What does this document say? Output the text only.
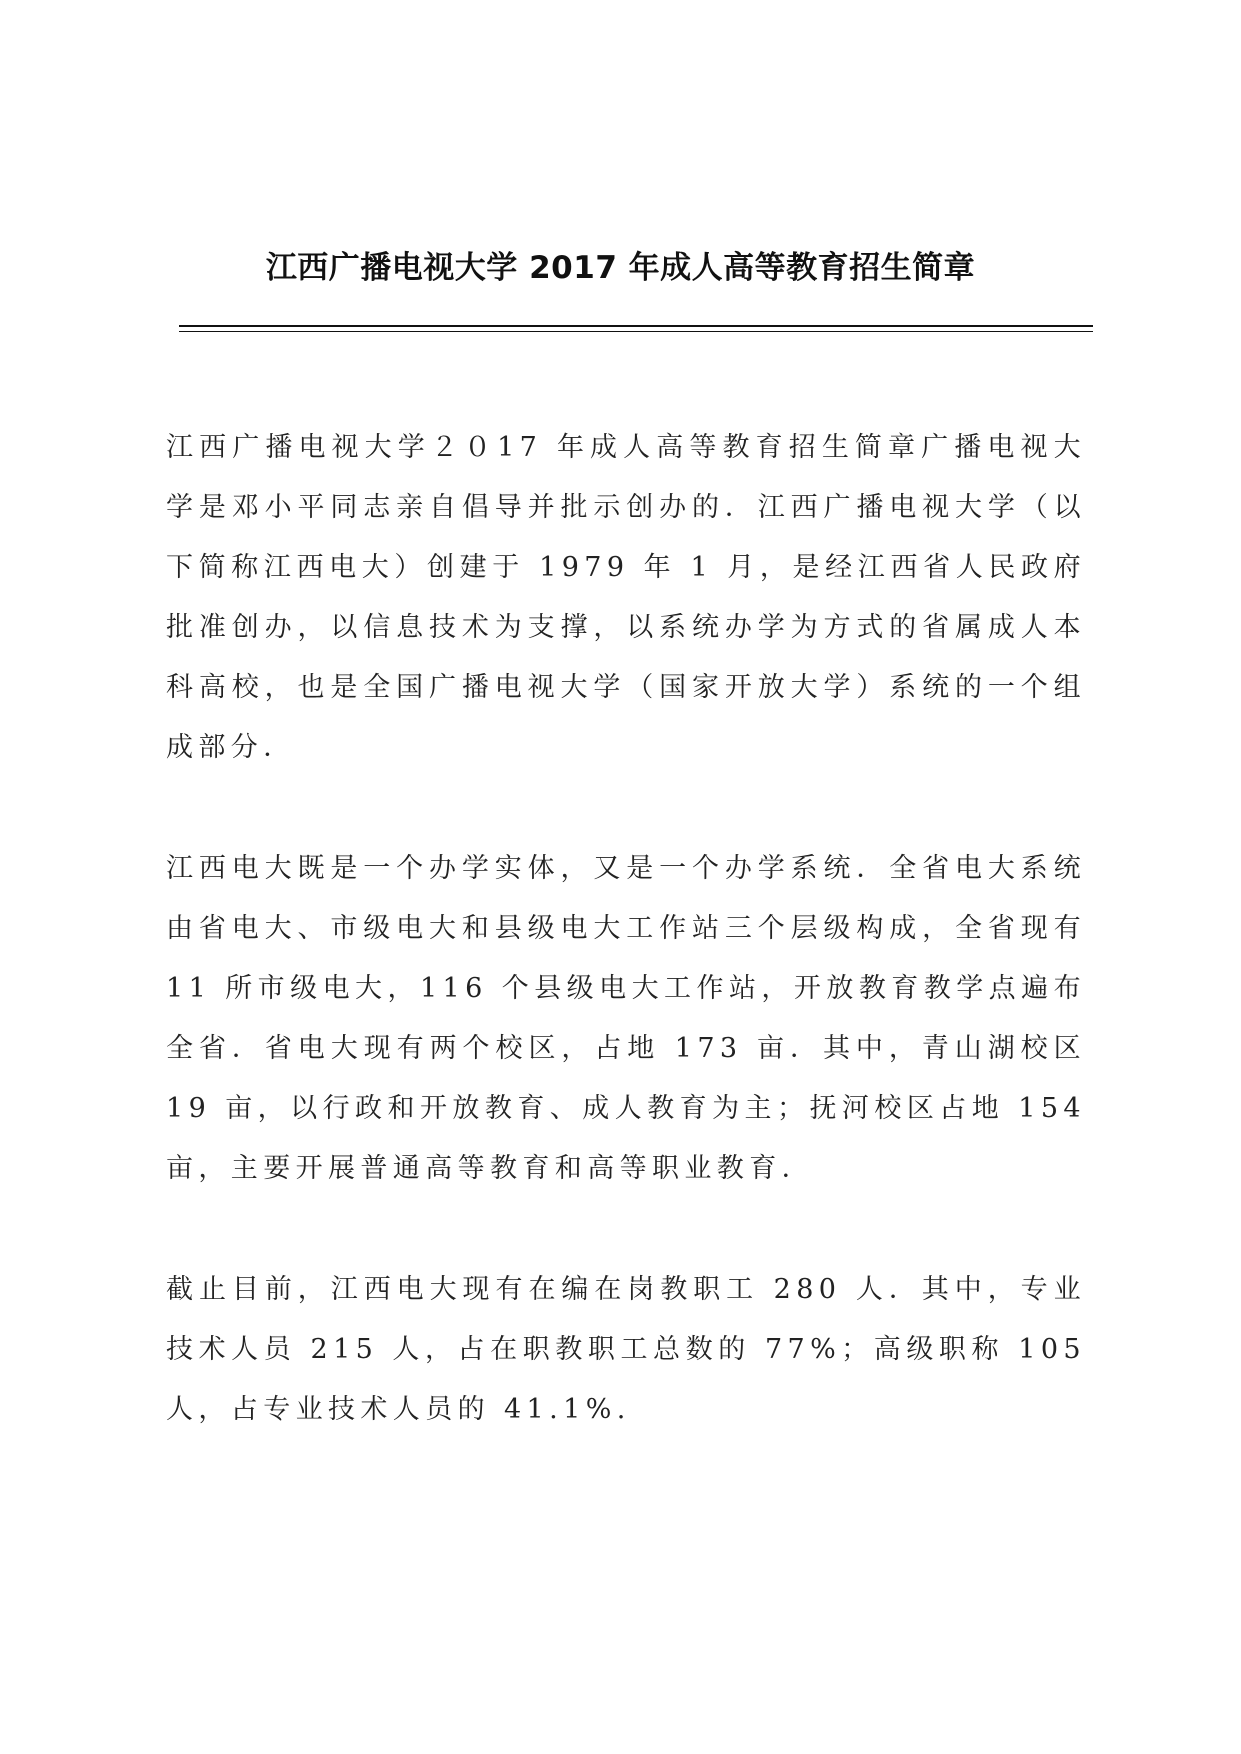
江西广播电视大学 2017 年成人高等教育招生简章

江西广播电视大学２０17 年成人高等教育招生简章广播电视大学是邓小平同志亲自倡导并批示创办的．江西广播电视大学（以下简称江西电大）创建于 1979 年 1 月，是经江西省人民政府批准创办，以信息技术为支撑，以系统办学为方式的省属成人本科高校，也是全国广播电视大学（国家开放大学）系统的一个组成部分．

江西电大既是一个办学实体，又是一个办学系统．全省电大系统由省电大、市级电大和县级电大工作站三个层级构成，全省现有 11 所市级电大，116 个县级电大工作站，开放教育教学点遍布全省．省电大现有两个校区，占地 173 亩．其中，青山湖校区 19 亩，以行政和开放教育、成人教育为主；抚河校区占地 154 亩，主要开展普通高等教育和高等职业教育．

截止目前，江西电大现有在编在岗教职工 280 人．其中，专业技术人员 215 人，占在职教职工总数的 77%；高级职称 105 人，占专业技术人员的 41.1%.
